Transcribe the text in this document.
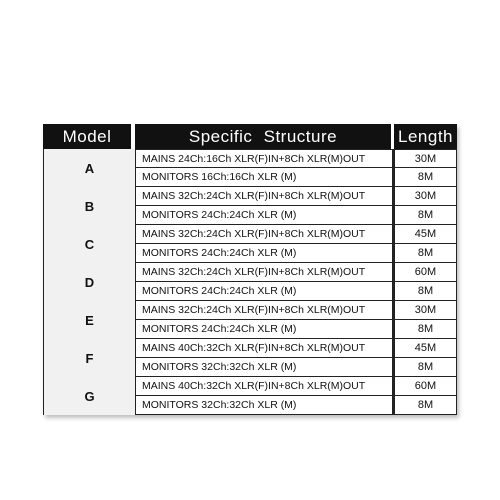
Model	Specific Structure	Length
A
MAINS 24Ch:16Ch XLR(F)IN+8Ch XLR(M)OUT	30M
MONITORS 16Ch:16Ch XLR (M)	8M
B
MAINS 32Ch:24Ch XLR(F)IN+8Ch XLR(M)OUT	30M
MONITORS 24Ch:24Ch XLR (M)	8M
C
MAINS 32Ch:24Ch XLR(F)IN+8Ch XLR(M)OUT	45M
MONITORS 24Ch:24Ch XLR (M)	8M
D
MAINS 32Ch:24Ch XLR(F)IN+8Ch XLR(M)OUT	60M
MONITORS 24Ch:24Ch XLR (M)	8M
E
MAINS 32Ch:24Ch XLR(F)IN+8Ch XLR(M)OUT	30M
MONITORS 24Ch:24Ch XLR (M)	8M
F
MAINS 40Ch:32Ch XLR(F)IN+8Ch XLR(M)OUT	45M
MONITORS 32Ch:32Ch XLR (M)	8M
G
MAINS 40Ch:32Ch XLR(F)IN+8Ch XLR(M)OUT	60M
MONITORS 32Ch:32Ch XLR (M)	8M
